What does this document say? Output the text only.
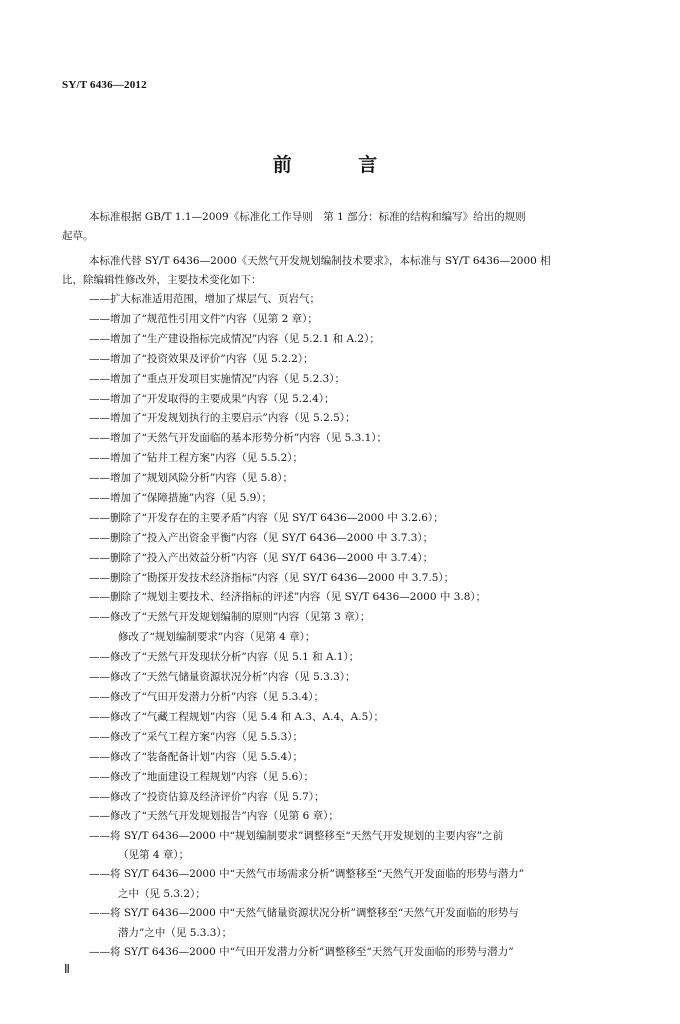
SY/T 6436—2012
前 言
本标准根据 GB/T 1.1—2009《标准化工作导则　第 1 部分：标准的结构和编写》给出的规则
起草。
本标准代替 SY/T 6436—2000《天然气开发规划编制技术要求》，本标准与 SY/T 6436—2000 相
比，除编辑性修改外，主要技术变化如下：
——扩大标准适用范围，增加了煤层气、页岩气；
——增加了“规范性引用文件”内容（见第 2 章）；
——增加了“生产建设指标完成情况”内容（见 5.2.1 和 A.2）；
——增加了“投资效果及评价”内容（见 5.2.2）；
——增加了“重点开发项目实施情况”内容（见 5.2.3）；
——增加了“开发取得的主要成果”内容（见 5.2.4）；
——增加了“开发规划执行的主要启示”内容（见 5.2.5）；
——增加了“天然气开发面临的基本形势分析”内容（见 5.3.1）；
——增加了“钻井工程方案”内容（见 5.5.2）；
——增加了“规划风险分析”内容（见 5.8）；
——增加了“保障措施”内容（见 5.9）；
——删除了“开发存在的主要矛盾”内容（见 SY/T 6436—2000 中 3.2.6）；
——删除了“投入产出资金平衡”内容（见 SY/T 6436—2000 中 3.7.3）；
——删除了“投入产出效益分析”内容（见 SY/T 6436—2000 中 3.7.4）；
——删除了“勘探开发技术经济指标”内容（见 SY/T 6436—2000 中 3.7.5）；
——删除了“规划主要技术、经济指标的评述”内容（见 SY/T 6436—2000 中 3.8）；
——修改了“天然气开发规划编制的原则”内容（见第 3 章）；
修改了“规划编制要求”内容（见第 4 章）；
——修改了“天然气开发现状分析”内容（见 5.1 和 A.1）；
——修改了“天然气储量资源状况分析”内容（见 5.3.3）；
——修改了“气田开发潜力分析”内容（见 5.3.4）；
——修改了“气藏工程规划”内容（见 5.4 和 A.3、A.4、A.5）；
——修改了“采气工程方案”内容（见 5.5.3）；
——修改了“装备配备计划”内容（见 5.5.4）；
——修改了“地面建设工程规划”内容（见 5.6）；
——修改了“投资估算及经济评价”内容（见 5.7）；
——修改了“天然气开发规划报告”内容（见第 6 章）；
——将 SY/T 6436—2000 中“规划编制要求”调整移至“天然气开发规划的主要内容”之前
（见第 4 章）；
——将 SY/T 6436—2000 中“天然气市场需求分析”调整移至“天然气开发面临的形势与潜力”
之中（见 5.3.2）；
——将 SY/T 6436—2000 中“天然气储量资源状况分析”调整移至“天然气开发面临的形势与
潜力”之中（见 5.3.3）；
——将 SY/T 6436—2000 中“气田开发潜力分析”调整移至“天然气开发面临的形势与潜力”
Ⅱ
